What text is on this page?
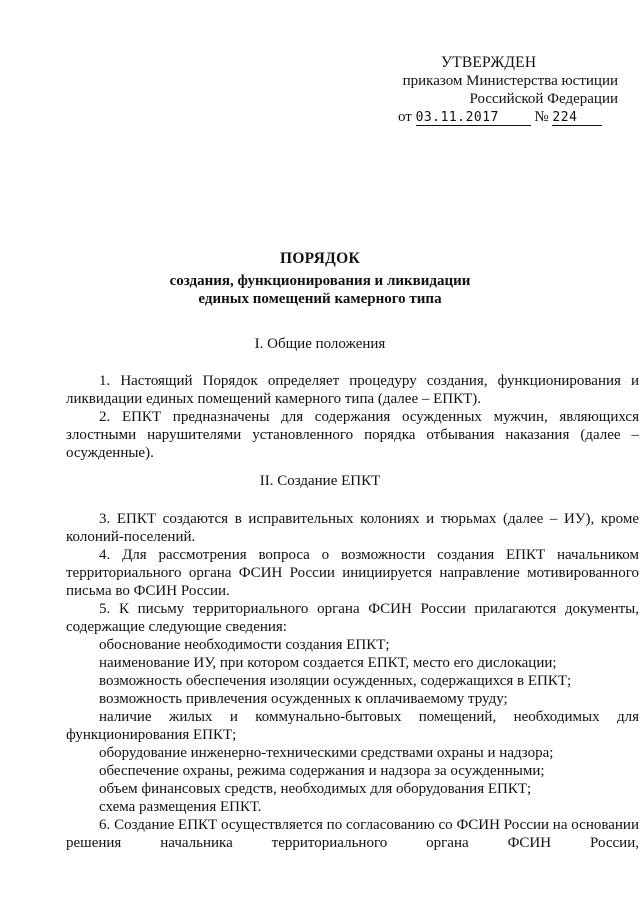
УТВЕРЖДЕН
приказом Министерства юстиции
Российской Федерации
от 03.11.2017 № 224
ПОРЯДОК
создания, функционирования и ликвидации
единых помещений камерного типа
I. Общие положения
1. Настоящий Порядок определяет процедуру создания, функционирования и ликвидации единых помещений камерного типа (далее – ЕПКТ).
2. ЕПКТ предназначены для содержания осужденных мужчин, являющихся злостными нарушителями установленного порядка отбывания наказания (далее – осужденные).
II. Создание ЕПКТ
3. ЕПКТ создаются в исправительных колониях и тюрьмах (далее – ИУ), кроме колоний-поселений.
4. Для рассмотрения вопроса о возможности создания ЕПКТ начальником территориального органа ФСИН России инициируется направление мотивированного письма во ФСИН России.
5. К письму территориального органа ФСИН России прилагаются документы, содержащие следующие сведения:
обоснование необходимости создания ЕПКТ;
наименование ИУ, при котором создается ЕПКТ, место его дислокации;
возможность обеспечения изоляции осужденных, содержащихся в ЕПКТ;
возможность привлечения осужденных к оплачиваемому труду;
наличие жилых и коммунально-бытовых помещений, необходимых для функционирования ЕПКТ;
оборудование инженерно-техническими средствами охраны и надзора;
обеспечение охраны, режима содержания и надзора за осужденными;
объем финансовых средств, необходимых для оборудования ЕПКТ;
схема размещения ЕПКТ.
6. Создание ЕПКТ осуществляется по согласованию со ФСИН России на основании решения начальника территориального органа ФСИН России,
